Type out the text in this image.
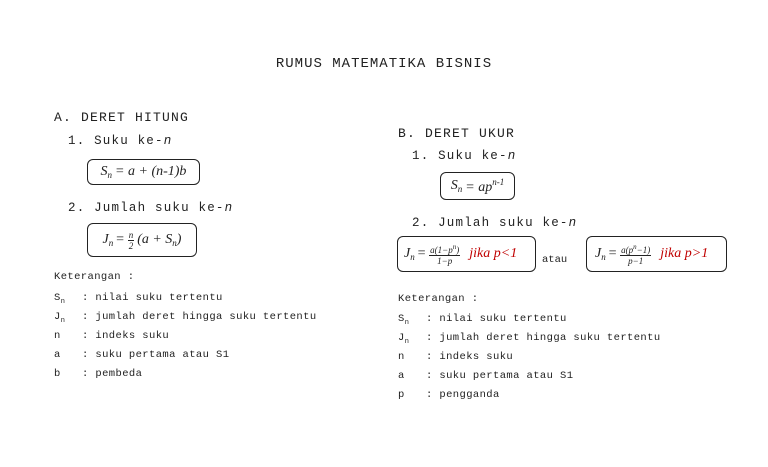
RUMUS MATEMATIKA BISNIS
A. DERET HITUNG
1. Suku ke-n
$S_n = a + (n-1)b$
2. Jumlah suku ke-n
$J_n = \frac{n}{2} (a + S_n)$
Keterangan :
$S_n$ : nilai suku tertentu
$J_n$ : jumlah deret hingga suku tertentu
n : indeks suku
a : suku pertama atau S1
b : pembeda
B. DERET UKUR
1. Suku ke-n
$S_n = ap^{n-1}$
2. Jumlah suku ke-n
$J_n = \frac{a(1-p^n)}{1-p}$ jika p<1 atau $J_n = \frac{a(p^n-1)}{p-1}$ jika p>1
Keterangan :
$S_n$ : nilai suku tertentu
$J_n$ : jumlah deret hingga suku tertentu
n : indeks suku
a : suku pertama atau S1
p : pengganda
